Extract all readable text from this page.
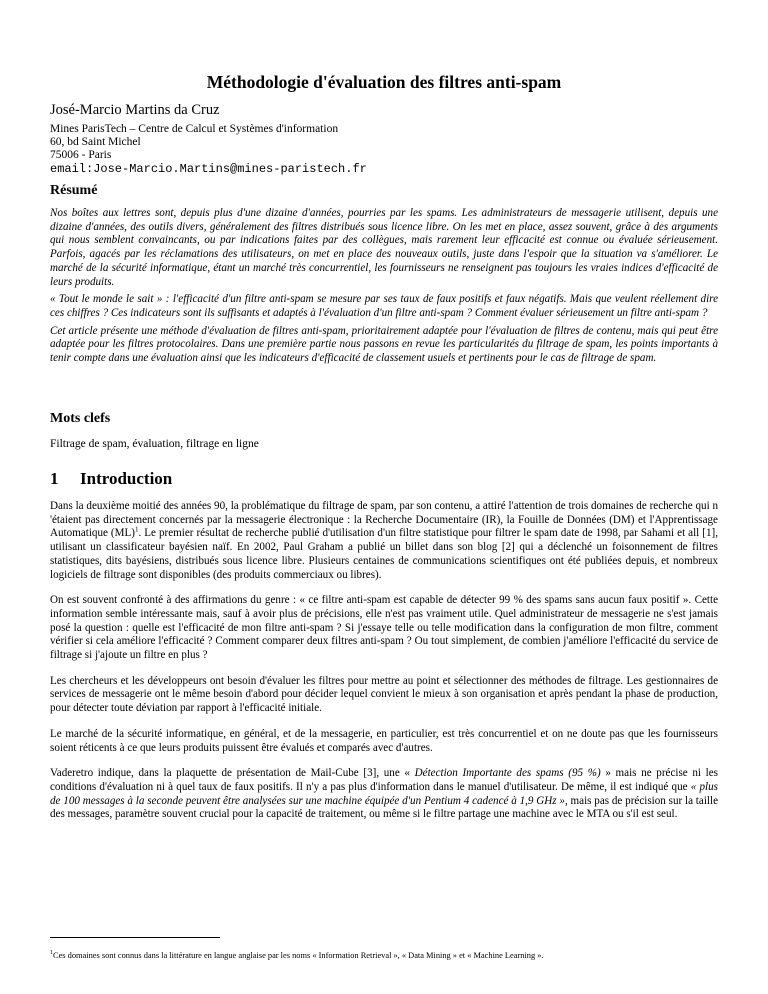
Méthodologie d'évaluation des filtres anti-spam

José-Marcio Martins da Cruz

Mines ParisTech – Centre de Calcul et Systèmes d'information
60, bd Saint Michel
75006 - Paris
email:Jose-Marcio.Martins@mines-paristech.fr
Résumé

Nos boîtes aux lettres sont, depuis plus d'une dizaine d'années, pourries par les spams. Les administrateurs de messagerie utilisent, depuis une dizaine d'années, des outils divers, généralement des filtres distribués sous licence libre. On les met en place, assez souvent, grâce à des arguments qui nous semblent convaincants, ou par indications faites par des collègues, mais rarement leur efficacité est connue ou évaluée sérieusement. Parfois, agacés par les réclamations des utilisateurs, on met en place des nouveaux outils, juste dans l'espoir que la situation va s'améliorer. Le marché de la sécurité informatique, étant un marché très concurrentiel, les fournisseurs ne renseignent pas toujours les vraies indices d'efficacité de leurs produits.

« Tout le monde le sait » : l'efficacité d'un filtre anti-spam se mesure par ses taux de faux positifs et faux négatifs. Mais que veulent réellement dire ces chiffres ? Ces indicateurs sont ils suffisants et adaptés à l'évaluation d'un filtre anti-spam ? Comment évaluer sérieusement un filtre anti-spam ?

Cet article présente une méthode d'évaluation de filtres anti-spam, prioritairement adaptée pour l'évaluation de filtres de contenu, mais qui peut être adaptée pour les filtres protocolaires. Dans une première partie nous passons en revue les particularités du filtrage de spam, les points importants à tenir compte dans une évaluation ainsi que les indicateurs d'efficacité de classement usuels et pertinents pour le cas de filtrage de spam.

Mots clefs
Filtrage de spam, évaluation, filtrage en ligne
1 Introduction

Dans la deuxième moitié des années 90, la problématique du filtrage de spam, par son contenu, a attiré l'attention de trois domaines de recherche qui n 'étaient pas directement concernés par la messagerie électronique : la Recherche Documentaire (IR), la Fouille de Données (DM) et l'Apprentissage Automatique (ML)$^1$. Le premier résultat de recherche publié d'utilisation d'un filtre statistique pour filtrer le spam date de 1998, par Sahami et all [1], utilisant un classificateur bayésien naïf. En 2002, Paul Graham a publié un billet dans son blog [2] qui a déclenché un foisonnement de filtres statistiques, dits bayésiens, distribués sous licence libre. Plusieurs centaines de communications scientifiques ont été publiées depuis, et nombreux logiciels de filtrage sont disponibles (des produits commerciaux ou libres).

On est souvent confronté à des affirmations du genre : « ce filtre anti-spam est capable de détecter 99 % des spams sans aucun faux positif ». Cette information semble intéressante mais, sauf à avoir plus de précisions, elle n'est pas vraiment utile. Quel administrateur de messagerie ne s'est jamais posé la question : quelle est l'efficacité de mon filtre anti-spam ? Si j'essaye telle ou telle modification dans la configuration de mon filtre, comment vérifier si cela améliore l'efficacité ? Comment comparer deux filtres anti-spam ? Ou tout simplement, de combien j'améliore l'efficacité du service de filtrage si j'ajoute un filtre en plus ?

Les chercheurs et les développeurs ont besoin d'évaluer les filtres pour mettre au point et sélectionner des méthodes de filtrage. Les gestionnaires de services de messagerie ont le même besoin d'abord pour décider lequel convient le mieux à son organisation et après pendant la phase de production, pour détecter toute déviation par rapport à l'efficacité initiale.

Le marché de la sécurité informatique, en général, et de la messagerie, en particulier, est très concurrentiel et on ne doute pas que les fournisseurs soient réticents à ce que leurs produits puissent être évalués et comparés avec d'autres.

Vaderetro indique, dans la plaquette de présentation de Mail-Cube [3], une « Détection Importante des spams (95 %) » mais ne précise ni les conditions d'évaluation ni à quel taux de faux positifs. Il n'y a pas plus d'information dans le manuel d'utilisateur. De même, il est indiqué que « plus de 100 messages à la seconde peuvent être analysées sur une machine équipée d'un Pentium 4 cadencé à 1,9 GHz », mais pas de précision sur la taille des messages, paramètre souvent crucial pour la capacité de traitement, ou même si le filtre partage une machine avec le MTA ou s'il est seul.

$^1$Ces domaines sont connus dans la littérature en langue anglaise par les noms « Information Retrieval », « Data Mining » et « Machine Learning ».
